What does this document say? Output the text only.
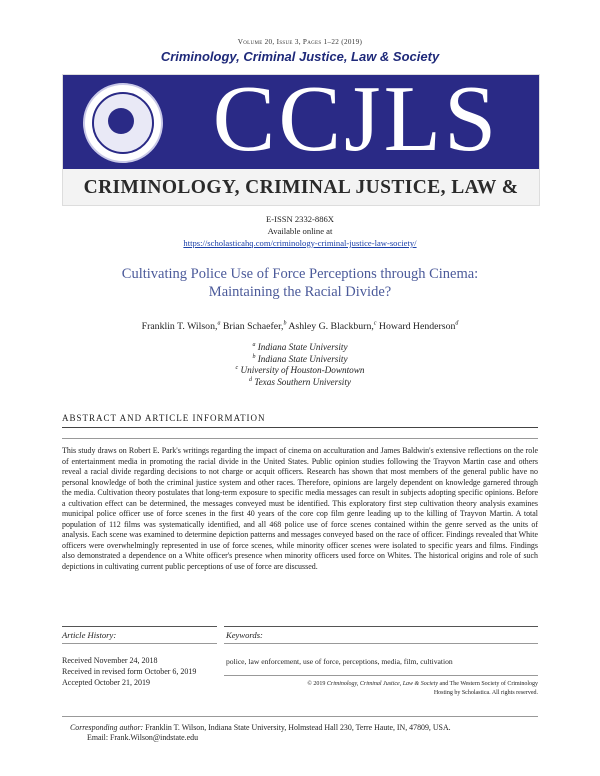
Volume 20, Issue 3, Pages 1–22 (2019)
Criminology, Criminal Justice, Law & Society
CCJLS
CRIMINOLOGY, CRIMINAL JUSTICE, LAW &
E-ISSN 2332-886X
Available online at
https://scholasticahq.com/criminology-criminal-justice-law-society/
Cultivating Police Use of Force Perceptions through Cinema:
Maintaining the Racial Divide?
Franklin T. Wilson,$^a$ Brian Schaefer,$^b$ Ashley G. Blackburn,$^c$ Howard Henderson$^d$
$^a$ Indiana State University
$^b$ Indiana State University
$^c$ University of Houston-Downtown
$^d$ Texas Southern University
ABSTRACT AND ARTICLE INFORMATION
This study draws on Robert E. Park's writings regarding the impact of cinema on acculturation and James Baldwin's extensive reflections on the role of entertainment media in promoting the racial divide in the United States. Public opinion studies following the Trayvon Martin case and others reveal a racial divide regarding decisions to not charge or acquit officers. Research has shown that most members of the general public have no personal knowledge of both the criminal justice system and other races. Therefore, opinions are largely dependent on knowledge garnered through the media. Cultivation theory postulates that long-term exposure to specific media messages can result in subjects adopting specific opinions. Before a cultivation effect can be determined, the messages conveyed must be identified. This exploratory first step cultivation theory analysis examines municipal police officer use of force scenes in the first 40 years of the core cop film genre leading up to the killing of Trayvon Martin. A total population of 112 films was systematically identified, and all 468 police use of force scenes contained within the genre served as the units of analysis. Each scene was examined to determine depiction patterns and messages conveyed based on the race of officer. Findings revealed that White officers were overwhelmingly represented in use of force scenes, while minority officer scenes were isolated to specific years and films. Findings also demonstrated a dependence on a White officer's presence when minority officers used force on Whites. The historical origins and role of such depictions in cultivating current public perceptions of use of force are discussed.
Article History:	Keywords:
Received November 24, 2018
Received in revised form October 6, 2019
Accepted October 21, 2019
police, law enforcement, use of force, perceptions, media, film, cultivation
© 2019 Criminology, Criminal Justice, Law & Society and The Western Society of Criminology
Hosting by Scholastica. All rights reserved.
Corresponding author: Franklin T. Wilson, Indiana State University, Holmstead Hall 230, Terre Haute, IN, 47809, USA.
Email: Frank.Wilson@indstate.edu
